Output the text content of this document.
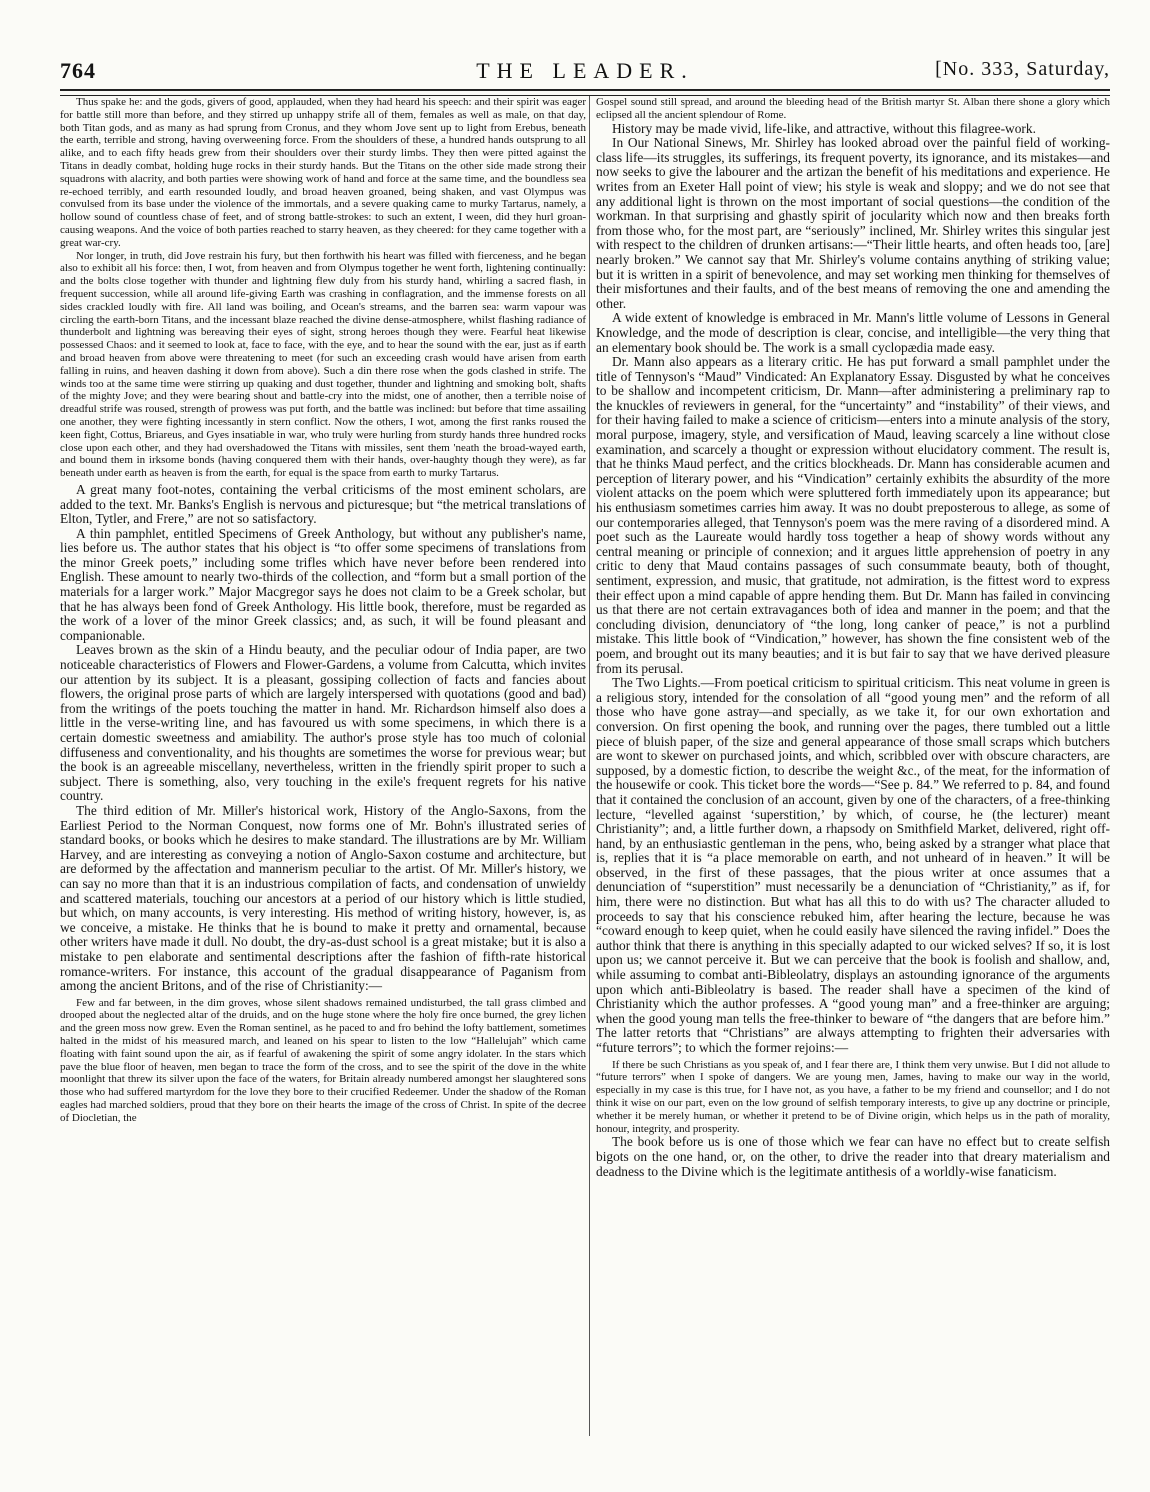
764	THE LEADER.	[No. 333, Saturday,

Thus spake he: and the gods, givers of good, applauded, when they had heard his speech: and their spirit was eager for battle still more than before, and they stirred up unhappy strife all of them, females as well as male, on that day, both Titan gods, and as many as had sprung from Cronus, and they whom Jove sent up to light from Erebus, beneath the earth, terrible and strong, having overweening force. From the shoulders of these, a hundred hands outsprung to all alike, and to each fifty heads grew from their shoulders over their sturdy limbs. They then were pitted against the Titans in deadly combat, holding huge rocks in their sturdy hands. But the Titans on the other side made strong their squadrons with alacrity, and both parties were showing work of hand and force at the same time, and the boundless sea re-echoed terribly, and earth resounded loudly, and broad heaven groaned, being shaken, and vast Olympus was convulsed from its base under the violence of the immortals, and a severe quaking came to murky Tartarus, namely, a hollow sound of countless chase of feet, and of strong battle-strokes: to such an extent, I ween, did they hurl groan-causing weapons. And the voice of both parties reached to starry heaven, as they cheered: for they came together with a great war-cry.

Nor longer, in truth, did Jove restrain his fury, but then forthwith his heart was filled with fierceness, and he began also to exhibit all his force: then, I wot, from heaven and from Olympus together he went forth, lightening continually: and the bolts close together with thunder and lightning flew duly from his sturdy hand, whirling a sacred flash, in frequent succession, while all around life-giving Earth was crashing in conflagration, and the immense forests on all sides crackled loudly with fire. All land was boiling, and Ocean's streams, and the barren sea: warm vapour was circling the earth-born Titans, and the incessant blaze reached the divine dense-atmosphere, whilst flashing radiance of thunderbolt and lightning was bereaving their eyes of sight, strong heroes though they were. Fearful heat likewise possessed Chaos: and it seemed to look at, face to face, with the eye, and to hear the sound with the ear, just as if earth and broad heaven from above were threatening to meet (for such an exceeding crash would have arisen from earth falling in ruins, and heaven dashing it down from above). Such a din there rose when the gods clashed in strife. The winds too at the same time were stirring up quaking and dust together, thunder and lightning and smoking bolt, shafts of the mighty Jove; and they were bearing shout and battle-cry into the midst, one of another, then a terrible noise of dreadful strife was roused, strength of prowess was put forth, and the battle was inclined: but before that time assailing one another, they were fighting incessantly in stern conflict. Now the others, I wot, among the first ranks roused the keen fight, Cottus, Briareus, and Gyes insatiable in war, who truly were hurling from sturdy hands three hundred rocks close upon each other, and they had overshadowed the Titans with missiles, sent them 'neath the broad-wayed earth, and bound them in irksome bonds (having conquered them with their hands, over-haughty though they were), as far beneath under earth as heaven is from the earth, for equal is the space from earth to murky Tartarus.

A great many foot-notes, containing the verbal criticisms of the most eminent scholars, are added to the text. Mr. Banks's English is nervous and picturesque; but “the metrical translations of Elton, Tytler, and Frere,” are not so satisfactory.

A thin pamphlet, entitled Specimens of Greek Anthology, but without any publisher's name, lies before us. The author states that his object is “to offer some specimens of translations from the minor Greek poets,” including some trifles which have never before been rendered into English. These amount to nearly two-thirds of the collection, and “form but a small portion of the materials for a larger work.” Major Macgregor says he does not claim to be a Greek scholar, but that he has always been fond of Greek Anthology. His little book, therefore, must be regarded as the work of a lover of the minor Greek classics; and, as such, it will be found pleasant and companionable.

Leaves brown as the skin of a Hindu beauty, and the peculiar odour of India paper, are two noticeable characteristics of Flowers and Flower-Gardens, a volume from Calcutta, which invites our attention by its subject. It is a pleasant, gossiping collection of facts and fancies about flowers, the original prose parts of which are largely interspersed with quotations (good and bad) from the writings of the poets touching the matter in hand. Mr. Richardson himself also does a little in the verse-writing line, and has favoured us with some specimens, in which there is a certain domestic sweetness and amiability. The author's prose style has too much of colonial diffuseness and conventionality, and his thoughts are sometimes the worse for previous wear; but the book is an agreeable miscellany, nevertheless, written in the friendly spirit proper to such a subject. There is something, also, very touching in the exile's frequent regrets for his native country.

The third edition of Mr. Miller's historical work, History of the Anglo-Saxons, from the Earliest Period to the Norman Conquest, now forms one of Mr. Bohn's illustrated series of standard books, or books which he desires to make standard. The illustrations are by Mr. William Harvey, and are interesting as conveying a notion of Anglo-Saxon costume and architecture, but are deformed by the affectation and mannerism peculiar to the artist. Of Mr. Miller's history, we can say no more than that it is an industrious compilation of facts, and condensation of unwieldy and scattered materials, touching our ancestors at a period of our history which is little studied, but which, on many accounts, is very interesting. His method of writing history, however, is, as we conceive, a mistake. He thinks that he is bound to make it pretty and ornamental, because other writers have made it dull. No doubt, the dry-as-dust school is a great mistake; but it is also a mistake to pen elaborate and sentimental descriptions after the fashion of fifth-rate historical romance-writers. For instance, this account of the gradual disappearance of Paganism from among the ancient Britons, and of the rise of Christianity:—

Few and far between, in the dim groves, whose silent shadows remained undisturbed, the tall grass climbed and drooped about the neglected altar of the druids, and on the huge stone where the holy fire once burned, the grey lichen and the green moss now grew. Even the Roman sentinel, as he paced to and fro behind the lofty battlement, sometimes halted in the midst of his measured march, and leaned on his spear to listen to the low “Hallelujah” which came floating with faint sound upon the air, as if fearful of awakening the spirit of some angry idolater. In the stars which pave the blue floor of heaven, men began to trace the form of the cross, and to see the spirit of the dove in the white moonlight that threw its silver upon the face of the waters, for Britain already numbered amongst her slaughtered sons those who had suffered martyrdom for the love they bore to their crucified Redeemer. Under the shadow of the Roman eagles had marched soldiers, proud that they bore on their hearts the image of the cross of Christ. In spite of the decree of Diocletian, the

Gospel sound still spread, and around the bleeding head of the British martyr St. Alban there shone a glory which eclipsed all the ancient splendour of Rome.

History may be made vivid, life-like, and attractive, without this filagree-work.

In Our National Sinews, Mr. Shirley has looked abroad over the painful field of working-class life—its struggles, its sufferings, its frequent poverty, its ignorance, and its mistakes—and now seeks to give the labourer and the artizan the benefit of his meditations and experience. He writes from an Exeter Hall point of view; his style is weak and sloppy; and we do not see that any additional light is thrown on the most important of social questions—the condition of the workman. In that surprising and ghastly spirit of jocularity which now and then breaks forth from those who, for the most part, are “seriously” inclined, Mr. Shirley writes this singular jest with respect to the children of drunken artisans:—“Their little hearts, and often heads too, [are] nearly broken.” We cannot say that Mr. Shirley's volume contains anything of striking value; but it is written in a spirit of benevolence, and may set working men thinking for themselves of their misfortunes and their faults, and of the best means of removing the one and amending the other.

A wide extent of knowledge is embraced in Mr. Mann's little volume of Lessons in General Knowledge, and the mode of description is clear, concise, and intelligible—the very thing that an elementary book should be. The work is a small cyclopædia made easy.

Dr. Mann also appears as a literary critic. He has put forward a small pamphlet under the title of Tennyson's “Maud” Vindicated: An Explanatory Essay. Disgusted by what he conceives to be shallow and incompetent criticism, Dr. Mann—after administering a preliminary rap to the knuckles of reviewers in general, for the “uncertainty” and “instability” of their views, and for their having failed to make a science of criticism—enters into a minute analysis of the story, moral purpose, imagery, style, and versification of Maud, leaving scarcely a line without close examination, and scarcely a thought or expression without elucidatory comment. The result is, that he thinks Maud perfect, and the critics blockheads. Dr. Mann has considerable acumen and perception of literary power, and his “Vindication” certainly exhibits the absurdity of the more violent attacks on the poem which were spluttered forth immediately upon its appearance; but his enthusiasm sometimes carries him away. It was no doubt preposterous to allege, as some of our contemporaries alleged, that Tennyson's poem was the mere raving of a disordered mind. A poet such as the Laureate would hardly toss together a heap of showy words without any central meaning or principle of connexion; and it argues little apprehension of poetry in any critic to deny that Maud contains passages of such consummate beauty, both of thought, sentiment, expression, and music, that gratitude, not admiration, is the fittest word to express their effect upon a mind capable of appre hending them. But Dr. Mann has failed in convincing us that there are not certain extravagances both of idea and manner in the poem; and that the concluding division, denunciatory of “the long, long canker of peace,” is not a purblind mistake. This little book of “Vindication,” however, has shown the fine consistent web of the poem, and brought out its many beauties; and it is but fair to say that we have derived pleasure from its perusal.

The Two Lights.—From poetical criticism to spiritual criticism. This neat volume in green is a religious story, intended for the consolation of all “good young men” and the reform of all those who have gone astray—and specially, as we take it, for our own exhortation and conversion. On first opening the book, and running over the pages, there tumbled out a little piece of bluish paper, of the size and general appearance of those small scraps which butchers are wont to skewer on purchased joints, and which, scribbled over with obscure characters, are supposed, by a domestic fiction, to describe the weight &c., of the meat, for the information of the housewife or cook. This ticket bore the words—“See p. 84.” We referred to p. 84, and found that it contained the conclusion of an account, given by one of the characters, of a free-thinking lecture, “levelled against ‘superstition,’ by which, of course, he (the lecturer) meant Christianity”; and, a little further down, a rhapsody on Smithfield Market, delivered, right off-hand, by an enthusiastic gentleman in the pens, who, being asked by a stranger what place that is, replies that it is “a place memorable on earth, and not unheard of in heaven.” It will be observed, in the first of these passages, that the pious writer at once assumes that a denunciation of “superstition” must necessarily be a denunciation of “Christianity,” as if, for him, there were no distinction. But what has all this to do with us? The character alluded to proceeds to say that his conscience rebuked him, after hearing the lecture, because he was “coward enough to keep quiet, when he could easily have silenced the raving infidel.” Does the author think that there is anything in this specially adapted to our wicked selves? If so, it is lost upon us; we cannot perceive it. But we can perceive that the book is foolish and shallow, and, while assuming to combat anti-Bibleolatry, displays an astounding ignorance of the arguments upon which anti-Bibleolatry is based. The reader shall have a specimen of the kind of Christianity which the author professes. A “good young man” and a free-thinker are arguing; when the good young man tells the free-thinker to beware of “the dangers that are before him.” The latter retorts that “Christians” are always attempting to frighten their adversaries with “future terrors”; to which the former rejoins:—

If there be such Christians as you speak of, and I fear there are, I think them very unwise. But I did not allude to “future terrors” when I spoke of dangers. We are young men, James, having to make our way in the world, especially in my case is this true, for I have not, as you have, a father to be my friend and counsellor; and I do not think it wise on our part, even on the low ground of selfish temporary interests, to give up any doctrine or principle, whether it be merely human, or whether it pretend to be of Divine origin, which helps us in the path of morality, honour, integrity, and prosperity.

The book before us is one of those which we fear can have no effect but to create selfish bigots on the one hand, or, on the other, to drive the reader into that dreary materialism and deadness to the Divine which is the legitimate antithesis of a worldly-wise fanaticism.
